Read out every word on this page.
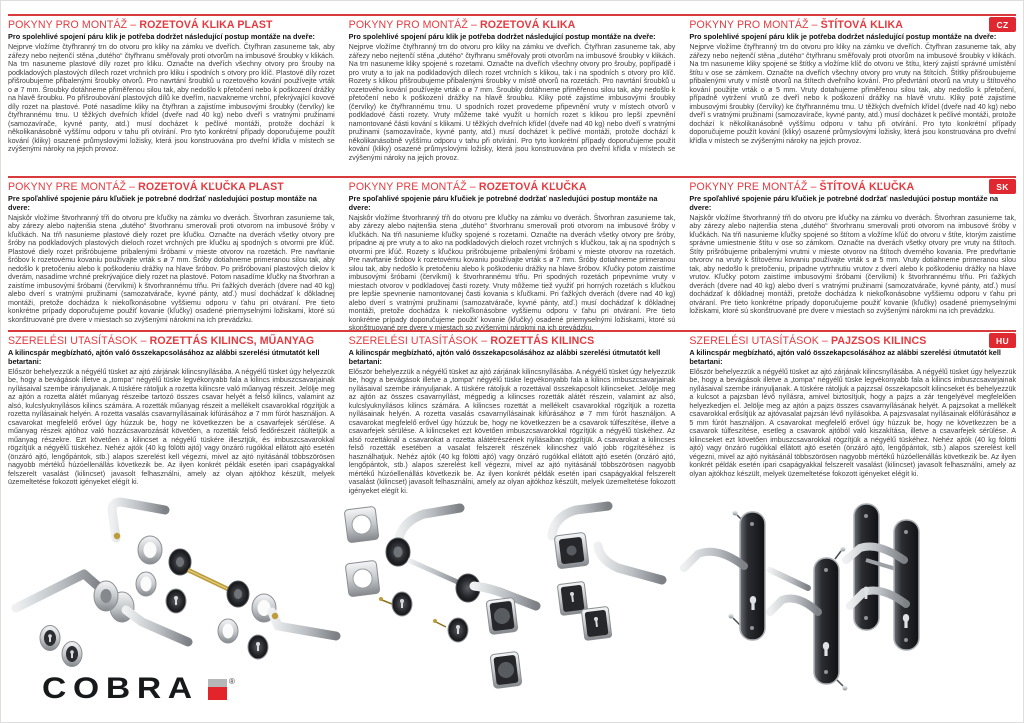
CZ
POKYNY PRO MONTÁŽ – ROZETOVÁ KLIKA PLAST

Pro spolehlivé spojení páru klik je potřeba dodržet následující postup montáže na dveře:

Nejprve vložíme čtyřhranný trn do otvoru pro kliky na zámku ve dveřích. Čtyřhran zasuneme tak, aby zářezy nebo nejtenčí stěna „dutého“ čtyřhranu směřovaly proti otvorům na imbusové šroubky v klikách. Na trn nasuneme plastové díly rozet pro kliku. Označte na dveřích všechny otvory pro šrouby na podkladových plastových dílech rozet vrchních pro kliku i spodních s otvory pro klíč. Plastové díly rozet přišroubujeme přibalenými šroubky otvorů. Pro navrtání šroubků u rozetového kování používejte vrták o ø 7 mm. Šroubky dotáhneme přiměřenou silou tak, aby nedošlo k přetočení nebo k poškození drážky na hlavě šroubku. Po přišroubování plastových dílů ke dveřím, nacvakneme vrchní, překrývající kovové díly rozet na plastové. Poté nasadíme kliky na čtyřhran a zajistíme imbusovými šroubky (červíky) ke čtyřhrannému trnu. U těžkých dveřních křídel (dveře nad 40 kg) nebo dveří s vratnými pružinami (samozavírače, kyvné panty, atd.) musí docházet k pečlivé montáži, protože dochází k několikanásobně vyššímu odporu v tahu při otvírání. Pro tyto konkrétní případy doporučujeme použít kování (kliky) osazené průmyslovými ložisky, která jsou konstruována pro dveřní křídla v místech se zvýšenými nároky na jejich provoz.

POKYNY PRO MONTÁŽ – ROZETOVÁ KLIKA

Pro spolehlivé spojení páru klik je potřeba dodržet následující postup montáže na dveře:

Nejprve vložíme čtyřhranný trn do otvoru pro kliky na zámku ve dveřích. Čtyřhran zasuneme tak, aby zářezy nebo nejtenčí stěna „dutého“ čtyřhranu směřovaly proti otvorům na imbusové šroubky v klikách. Na trn nasuneme kliky spojené s rozetami. Označte na dveřích všechny otvory pro šrouby, popřípadě i pro vruty a to jak na podkladových dílech rozet vrchních s klikou, tak i na spodních s otvory pro klíč. Rozety s klikou přišroubujeme přibalenými šroubky v místě otvorů na rozetách. Pro navrtání šroubků u rozetového kování používejte vrták o ø 7 mm. Šroubky dotáhneme přiměřenou silou tak, aby nedošlo k přetočení nebo k poškození drážky na hlavě šroubku. Kliky poté zajistíme imbusovými šroubky (červíky) ke čtyřhrannému trnu. U spodních rozet provedeme připevnění vruty v místech otvorů v podkladové části rozety. Vruty můžeme také využít u horních rozet s klikou pro lepší zpevnění namontované části kování s klikami. U těžkých dveřních křídel (dveře nad 40 kg) nebo dveří s vratnými pružinami (samozavírače, kyvné panty, atd.) musí docházet k pečlivé montáži, protože dochází k několikanásobně vyššímu odporu v tahu při otvírání. Pro tyto konkrétní případy doporučujeme použít kování (kliky) osazené průmyslovými ložisky, která jsou konstruována pro dveřní křídla v místech se zvýšenými nároky na jejich provoz.

POKYNY PRO MONTÁŽ – ŠTÍTOVÁ KLIKA

Pro spolehlivé spojení páru klik je potřeba dodržet následující postup montáže na dveře:

Nejprve vložíme čtyřhranný trn do otvoru pro kliky na zámku ve dveřích. Čtyřhran zasuneme tak, aby zářezy nebo nejtenčí stěna „dutého“ čtyřhranu směřovaly proti otvorům na imbusové šroubky v klikách. Na trn nasuneme kliky spojené se štítky a vložíme klíč do otvoru ve štítu, který zajistí správné umístění štítu v ose se zámkem. Označte na dveřích všechny otvory pro vruty na štítcích. Štítky přišroubujeme přibalenými vruty v místě otvorů na štítech dveřního kování. Pro předvrtání otvorů na vruty u štítového kování použijte vrták o ø 5 mm. Vruty dotahujeme přiměřenou silou tak, aby nedošlo k přetočení, případně vytržení vrutů ze dveří nebo k poškození drážky na hlavě vrutu. Kliky poté zajistíme imbusovými šroubky (červíky) ke čtyřhrannému trnu. U těžkých dveřních křídel (dveře nad 40 kg) nebo dveří s vratnými pružinami (samozavírače, kyvné panty, atd.) musí docházet k pečlivé montáži, protože dochází k několikanásobně vyššímu odporu v tahu při otvírání. Pro tyto konkrétní případy doporučujeme použít kování (kliky) osazené průmyslovými ložisky, která jsou konstruována pro dveřní křídla v místech se zvýšenými nároky na jejich provoz.

SK
POKYNY PRE MONTÁŽ – ROZETOVÁ KĽUČKA PLAST

Pre spoľahlivé spojenie páru kľučiek je potrebné dodržať nasledujúci postup montáže na dvere:

Najskôr vložíme štvorhranný tŕň do otvoru pre kľučky na zámku vo dverách. Štvorhran zasunieme tak, aby zárezy alebo najtenšia stena „dutého“ štvorhranu smerovali proti otvorom na imbusové šróby v kľučkách. Na tŕň nasunieme plastové diely rozet pre kľučku. Označte na dverách všetky otvory pre šróby na podkladových plastových dieloch rozet vrchných pre kľučku aj spodných s otvormi pre kľúč. Plastové diely rozet prišróbujeme pribalenými šróbami v mieste otvorov na rozetách. Pre navŕtanie šróbov k rozetovému kovaniu používajte vrták s ø 7 mm. Šróby dotiahneme primeranou silou tak, aby nedošlo k pretočeniu alebo k poškodeniu drážky na hlave šróbov. Po prišróbovaní plastových dielov k dverám, nasadíme vrchné prekrývajúce diely rozet na plastové. Potom nasadíme kľučky na štvorhran a zaistíme imbusovými šróbami (červíkmi) k štvorhrannému tŕňu. Pri ťažkých dverách (dvere nad 40 kg) alebo dverí s vratnými pružinami (samozatvárače, kyvné pánty, atď.) musí dochádzať k dôkladnej montáži, pretože dochádza k niekoľkonásobne vyššiemu odporu v ťahu pri otváraní. Pre tieto konkrétne prípady doporučujeme použiť kovanie (kľučky) osadené priemyselnými ložiskami, ktoré sú skonštruované pre dvere v miestach so zvýšenými nárokmi na ich prevádzku.

POKYNY PRE MONTÁŽ – ROZETOVÁ KĽUČKA

Pre spoľahlivé spojenie páru kľučiek je potrebné dodržať nasledujúci postup montáže na dvere:

Najskôr vložíme štvorhranný tŕň do otvoru pre kľučky na zámku vo dverách. Štvorhran zasunieme tak, aby zárezy alebo najtenšia stena „dutého“ štvorhranu smerovali proti otvorom na imbusové šróby v kľučkách. Na tŕň nasunieme kľučky spojené s rozetami. Označte na dverách všetky otvory pre šróby, prípadne aj pre vruty a to ako na podkladových dieloch rozet vrchných s kľučkou, tak aj na spodných s otvormi pre kľúč. Rozety s kľučkou prišróbujeme pribalenými šróbami v mieste otvorov na rozetách. Pre navŕtanie šróbov k rozetovému kovaniu používajte vrták s ø 7 mm. Šróby dotiahneme primeranou silou tak, aby nedošlo k pretočeniu alebo k poškodeniu drážky na hlave šróbov. Kľučky potom zaistíme imbusovými šróbami (červíkmi) k štvorhrannému tŕňu. Pri spodných rozetách pripevníme vruty v miestach otvorov v podkladovej časti rozety. Vruty môžeme tiež využiť pri horných rozetách s kľučkou pre lepšie spevnenie namontovanej časti kovania s kľučkami. Pri ťažkých dverách (dvere nad 40 kg) alebo dverí s vratnými pružinami (samozatvárače, kyvné pánty, atď.) musí dochádzať k dôkladnej montáži, pretože dochádza k niekoľkonásobne vyššiemu odporu v ťahu pri otváraní. Pre tieto konkrétne prípady doporučujeme použiť kovanie (kľučky) osadené priemyselnými ložiskami, ktoré sú skonštruované pre dvere v miestach so zvýšenými nárokmi na ich prevádzku.

POKYNY PRE MONTÁŽ – ŠTÍTOVÁ KĽUČKA

Pre spoľahlivé spojenie páru kľučiek je potrebné dodržať nasledujúci postup montáže na dvere:

Najskôr vložíme štvorhranný tŕň do otvoru pre kľučky na zámku vo dverách. Štvorhran zasunieme tak, aby zárezy alebo najtenšia stena „dutého“ štvorhranu smerovali proti otvorom na imbusové šróby v kľučkách. Na tŕň nasunieme kľučky spojené so štítom a vložíme kľúč do otvoru v štíte, ktorým zaistíme správne umiestnenie štítu v ose so zámkom. Označte na dverách všetky otvory pre vruty na štítoch. Štíty prišróbujeme pribalenými vrutmi v mieste otvorov na štítoch dverného kovania. Pre predvŕtanie otvorov na vruty k štítovému kovaniu používajte vrták s ø 5 mm. Vruty dotiahneme primeranou silou tak, aby nedošlo k pretočeniu, prípadne vytrhnutiu vrutov z dverí alebo k poškodeniu drážky na hlave vrutov. Kľučky potom zaistíme imbusovými šróbami (červíkmi) k štvorhrannému tŕňu. Pri ťažkých dverách (dvere nad 40 kg) alebo dverí s vratnými pružinami (samozatvárače, kyvné pánty, atď.) musí dochádzať k dôkladnej montáži, pretože dochádza k niekoľkonásobne vyššiemu odporu v ťahu pri otváraní. Pre tieto konkrétne prípady doporučujeme použiť kovanie (kľučky) osadené priemyselnými ložiskami, ktoré sú skonštruované pre dvere v miestach so zvýšenými nárokmi na ich prevádzku.

HU
SZERELÉSI UTASÍTÁSOK – ROZETTÁS KILINCS, MŰANYAG

A kilincspár megbízható, ajtón való összekapcsolásához az alábbi szerelési útmutatót kell betartani:

Először behelyezzük a négyélű tüsket az ajtó zárjának kilincsnyílásába. A négyélű tüsket úgy helyezzük be, hogy a bevágások illetve a „tompa“ négyélű tüske legvékonyabb fala a kilincs imbuszcsavarjainak nyílásaival szembe irányuljanak. A tüskére rátoljuk a rozetta kilincsre való műanyag részeit. Jelölje meg az ajtón a rozetta alátét műanyag részeibe tartozó összes csavar helyét a felső kilincs, valamint az alsó, kulcslyuknyílásos kilincs számára. A rozetták műanyag részeit a mellékelt csavarokkal rögzítjük a rozetta nyílásainak helyén. A rozetta vasalás csavarnyílásainak kifúrásához ø 7 mm fúrót használjon. A csavarokat megfelelő erővel úgy húzzuk be, hogy ne következzen be a csavarfejek sérülése. A műanyag részek ajtóhoz való hozzácsavarozását követően, a rozetták felső fedőrészeit ráültetjük a műanyag részekre. Ezt követően a kilincset a négyélű tüskére illesztjük, és imbuszcsavarokkal rögzítjük a négyélű tüskéhez. Nehéz ajtók (40 kg fölötti ajtó) vagy önzáró rugókkal ellátott ajtó esetén (önzáró ajtó, lengőpántok, stb.) alapos szerelést kell végezni, mivel az ajtó nyitásánál többszörösen nagyobb mértékű húzóellenállás következik be. Az ilyen konkrét példák esetén ipari csapágyakkal felszerelt vasalást (kilincset) javasolt felhasználni, amely az olyan ajtókhoz készült, melyek üzemeltetése fokozott igényeket elégít ki.

SZERELÉSI UTASÍTÁSOK – ROZETTÁS KILINCS

A kilincspár megbízható, ajtón való összekapcsolásához az alábbi szerelési útmutatót kell betartani:

Először behelyezzük a négyélű tüsket az ajtó zárjának kilincsnyílásába. A négyélű tüsket úgy helyezzük be, hogy a bevágások illetve a „tompa“ négyélű tüske legvékonyabb fala a kilincs imbuszcsavarjainak nyílásaival szembe irányuljanak. A tüskére rátoljuk a rozettával összekapcsolt kilincseket. Jelölje meg az ajtón az összes csavarnyílást, mégpedig a kilincses rozetták alátét részein, valamint az alsó, kulcslyuknyílásos kilincs számára. A kilincses rozettát a mellékelt csavarokkal rögzítjük a rozetta nyílásainak helyén. A rozetta vasalás csavarnyílásainak kifúrásához ø 7 mm fúrót használjon. A csavarokat megfelelő erővel úgy húzzuk be, hogy ne következzen be a csavarok túlfeszítése, illetve a csavarfejek sérülése. A kilincseket ezt követően imbuszcsavarokkal rögzítjük a négyélű tüskéhez. Az alsó rozettáknál a csavarokat a rozetta alátétrészének nyílásaiban rögzítjük. A csavarokat a kilincses felső rozetták esetében a vasalat felszerelt részének kilincshez való jobb rögzítéséhez is használhatjuk. Nehéz ajtók (40 kg fölötti ajtó) vagy önzáró rugókkal ellátott ajtó esetén (önzáró ajtó, lengőpántok, stb.) alapos szerelést kell végezni, mivel az ajtó nyitásánál többszörösen nagyobb mértékű húzóellenállás következik be. Az ilyen konkrét példák esetén ipari csapágyakkal felszerelt vasalást (kilincset) javasolt felhasználni, amely az olyan ajtókhoz készült, melyek üzemeltetése fokozott igényeket elégít ki.

SZERELÉSI UTASÍTÁSOK – PAJZSOS KILINCS

A kilincspár megbízható, ajtón való összekapcsolásához az alábbi szerelési útmutatót kell betartani:

Először behelyezzük a négyélű tüsket az ajtó zárjának kilincsnyílásába. A négyélű tüsket úgy helyezzük be, hogy a bevágások illetve a „tompa“ négyélű tüske legvékonyabb fala a kilincs imbuszcsavarjainak nyílásaival szembe irányuljanak. A tüskére rátoljuk a pajzzsal összekapcsolt kilincseket és behelyezzük a kulcsot a pajzsban lévő nyílásra, amivel biztosítjuk, hogy a pajzs a zár tengelyével megfelelően helyezkedjen el. Jelölje meg az ajtón a pajzs összes csavarnyílásának helyét. A pajzsokat a mellékelt csavarokkal erősítjük az ajtóvasalat pajzsán lévő nyílásokba. A pajzsvasalat nyílásainak előfúrásához ø 5 mm fúrót használjon. A csavarokat megfelelő erővel úgy húzzuk be, hogy ne következzen be a csavarok túlfeszítése, esetleg a csavarok ajtóból való kiszakítása, illetve a csavarfejek sérülése. A kilincseket ezt követően imbuszcsavarokkal rögzítjük a négyélű tüskéhez. Nehéz ajtók (40 kg fölötti ajtó) vagy önzáró rugókkal ellátott ajtó esetén (önzáró ajtó, lengőpántok, stb.) alapos szerelést kell végezni, mivel az ajtó nyitásánál többszörösen nagyobb mértékű húzóellenállás következik be. Az ilyen konkrét példák esetén ipari csapágyakkal felszerelt vasalást (kilincset) javasolt felhasználni, amely az olyan ajtókhoz készült, melyek üzemeltetése fokozott igényeket elégít ki.

COBRA	®
